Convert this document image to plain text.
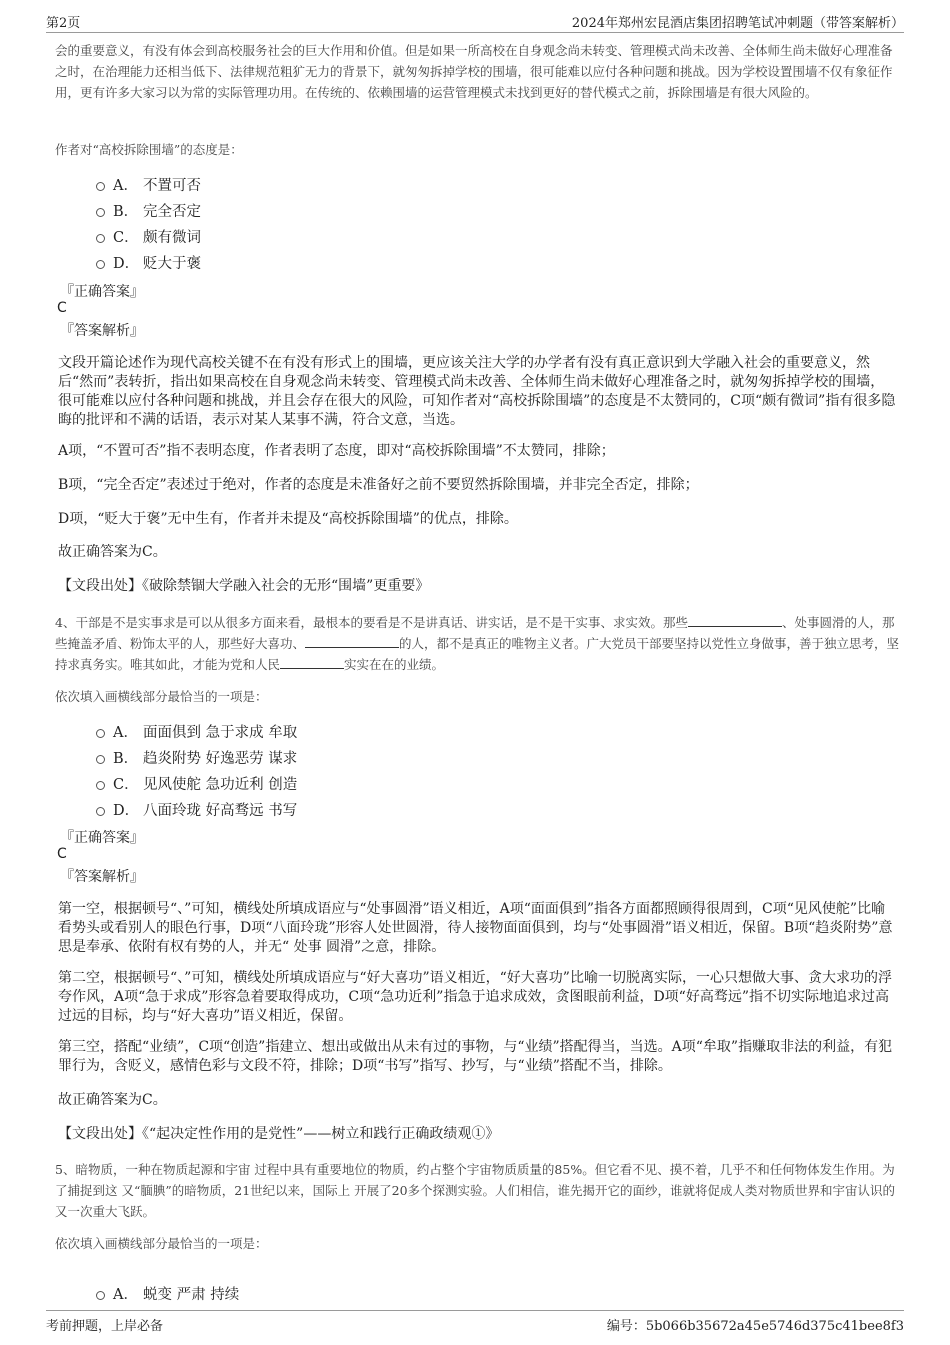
第2页	2024年郑州宏昆酒店集团招聘笔试冲刺题（带答案解析）

会的重要意义，有没有体会到高校服务社会的巨大作用和价值。但是如果一所高校在自身观念尚未转变、管理模式尚未改善、全体师生尚未做好心理准备之时，在治理能力还相当低下、法律规范粗犷无力的背景下，就匆匆拆掉学校的围墙，很可能难以应付各种问题和挑战。因为学校设置围墙不仅有象征作用，更有许多大家习以为常的实际管理功用。在传统的、依赖围墙的运营管理模式未找到更好的替代模式之前，拆除围墙是有很大风险的。

作者对“高校拆除围墙”的态度是：

A． 不置可否
B． 完全否定
C． 颇有微词
D． 贬大于褒
『正确答案』
C
『答案解析』

文段开篇论述作为现代高校关键不在有没有形式上的围墙，更应该关注大学的办学者有没有真正意识到大学融入社会的重要意义，然后“然而”表转折，指出如果高校在自身观念尚未转变、管理模式尚未改善、全体师生尚未做好心理准备之时，就匆匆拆掉学校的围墙，很可能难以应付各种问题和挑战，并且会存在很大的风险，可知作者对“高校拆除围墙”的态度是不太赞同的，C项“颇有微词”指有很多隐晦的批评和不满的话语，表示对某人某事不满，符合文意，当选。

A项，“不置可否”指不表明态度，作者表明了态度，即对“高校拆除围墙”不太赞同，排除；

B项，“完全否定”表述过于绝对，作者的态度是未准备好之前不要贸然拆除围墙，并非完全否定，排除；

D项，“贬大于褒”无中生有，作者并未提及“高校拆除围墙”的优点，排除。

故正确答案为C。

【文段出处】《破除禁锢大学融入社会的无形“围墙”更重要》

4、干部是不是实事求是可以从很多方面来看，最根本的要看是不是讲真话、讲实话，是不是干实事、求实效。那些	、处事圆滑的人，那些掩盖矛盾、粉饰太平的人，那些好大喜功、	的人，都不是真正的唯物主义者。广大党员干部要坚持以党性立身做事，善于独立思考，坚持求真务实。唯其如此，才能为党和人民	实实在在的业绩。

依次填入画横线部分最恰当的一项是：

A． 面面俱到 急于求成 牟取
B． 趋炎附势 好逸恶劳 谋求
C． 见风使舵 急功近利 创造
D． 八面玲珑 好高骛远 书写
『正确答案』
C
『答案解析』

第一空，根据顿号“、”可知，横线处所填成语应与“处事圆滑”语义相近，A项“面面俱到”指各方面都照顾得很周到，C项“见风使舵”比喻看势头或看别人的眼色行事，D项“八面玲珑”形容人处世圆滑，待人接物面面俱到，均与“处事圆滑”语义相近，保留。B项“趋炎附势”意思是奉承、依附有权有势的人，并无“ 处事 圆滑”之意，排除。

第二空，根据顿号“、”可知，横线处所填成语应与“好大喜功”语义相近，“好大喜功”比喻一切脱离实际，一心只想做大事、贪大求功的浮夸作风，A项“急于求成”形容急着要取得成功，C项“急功近利”指急于追求成效，贪图眼前利益，D项“好高骛远”指不切实际地追求过高过远的目标，均与“好大喜功”语义相近，保留。

第三空，搭配“业绩”，C项“创造”指建立、想出或做出从未有过的事物，与“业绩”搭配得当，当选。A项“牟取”指赚取非法的利益，有犯罪行为，含贬义，感情色彩与文段不符，排除；D项“书写”指写、抄写，与“业绩”搭配不当，排除。

故正确答案为C。

【文段出处】《“起决定性作用的是党性”——树立和践行正确政绩观①》

5、暗物质，一种在物质起源和宇宙 过程中具有重要地位的物质，约占整个宇宙物质质量的85%。但它看不见、摸不着，几乎不和任何物体发生作用。为了捕捉到这 又“腼腆”的暗物质，21世纪以来，国际上 开展了20多个探测实验。人们相信，谁先揭开它的面纱，谁就将促成人类对物质世界和宇宙认识的又一次重大飞跃。

依次填入画横线部分最恰当的一项是：

A． 蜕变 严肃 持续
考前押题，上岸必备	编号：5b066b35672a45e5746d375c41bee8f3
